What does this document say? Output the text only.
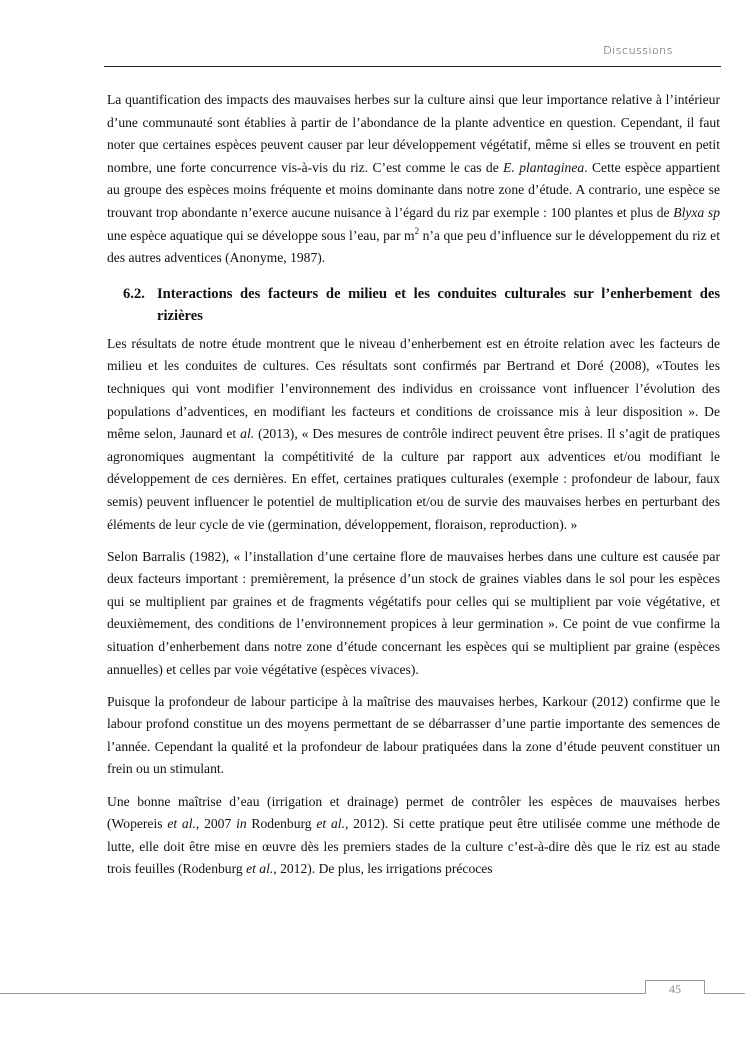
Discussions

La quantification des impacts des mauvaises herbes sur la culture ainsi que leur importance relative à l’intérieur d’une communauté sont établies à partir de l’abondance de la plante adventice en question. Cependant, il faut noter que certaines espèces peuvent causer par leur développement végétatif, même si elles se trouvent en petit nombre, une forte concurrence vis-à-vis du riz. C’est comme le cas de E. plantaginea. Cette espèce appartient au groupe des espèces moins fréquente et moins dominante dans notre zone d’étude. A contrario, une espèce se trouvant trop abondante n’exerce aucune nuisance à l’égard du riz par exemple : 100 plantes et plus de Blyxa sp une espèce aquatique qui se développe sous l’eau, par $m^2$ n’a que peu d’influence sur le développement du riz et des autres adventices (Anonyme, 1987).

6.2. Interactions des facteurs de milieu et les conduites culturales sur l’enherbement des rizières

Les résultats de notre étude montrent que le niveau d’enherbement est en étroite relation avec les facteurs de milieu et les conduites de cultures. Ces résultats sont confirmés par Bertrand et Doré (2008), «Toutes les techniques qui vont modifier l’environnement des individus en croissance vont influencer l’évolution des populations d’adventices, en modifiant les facteurs et conditions de croissance mis à leur disposition ». De même selon, Jaunard et al. (2013), « Des mesures de contrôle indirect peuvent être prises. Il s’agit de pratiques agronomiques augmentant la compétitivité de la culture par rapport aux adventices et/ou modifiant le développement de ces dernières. En effet, certaines pratiques culturales (exemple : profondeur de labour, faux semis) peuvent influencer le potentiel de multiplication et/ou de survie des mauvaises herbes en perturbant des éléments de leur cycle de vie (germination, développement, floraison, reproduction). »

Selon Barralis (1982), « l’installation d’une certaine flore de mauvaises herbes dans une culture est causée par deux facteurs important : premièrement, la présence d’un stock de graines viables dans le sol pour les espèces qui se multiplient par graines et de fragments végétatifs pour celles qui se multiplient par voie végétative, et deuxièmement, des conditions de l’environnement propices à leur germination ». Ce point de vue confirme la situation d’enherbement dans notre zone d’étude concernant les espèces qui se multiplient par graine (espèces annuelles) et celles par voie végétative (espèces vivaces).

Puisque la profondeur de labour participe à la maîtrise des mauvaises herbes, Karkour (2012) confirme que le labour profond constitue un des moyens permettant de se débarrasser d’une partie importante des semences de l’année. Cependant la qualité et la profondeur de labour pratiquées dans la zone d’étude peuvent constituer un frein ou un stimulant.

Une bonne maîtrise d’eau (irrigation et drainage) permet de contrôler les espèces de mauvaises herbes (Wopereis et al., 2007 in Rodenburg et al., 2012). Si cette pratique peut être utilisée comme une méthode de lutte, elle doit être mise en œuvre dès les premiers stades de la culture c’est-à-dire dès que le riz est au stade trois feuilles (Rodenburg et al., 2012). De plus, les irrigations précoces

45
